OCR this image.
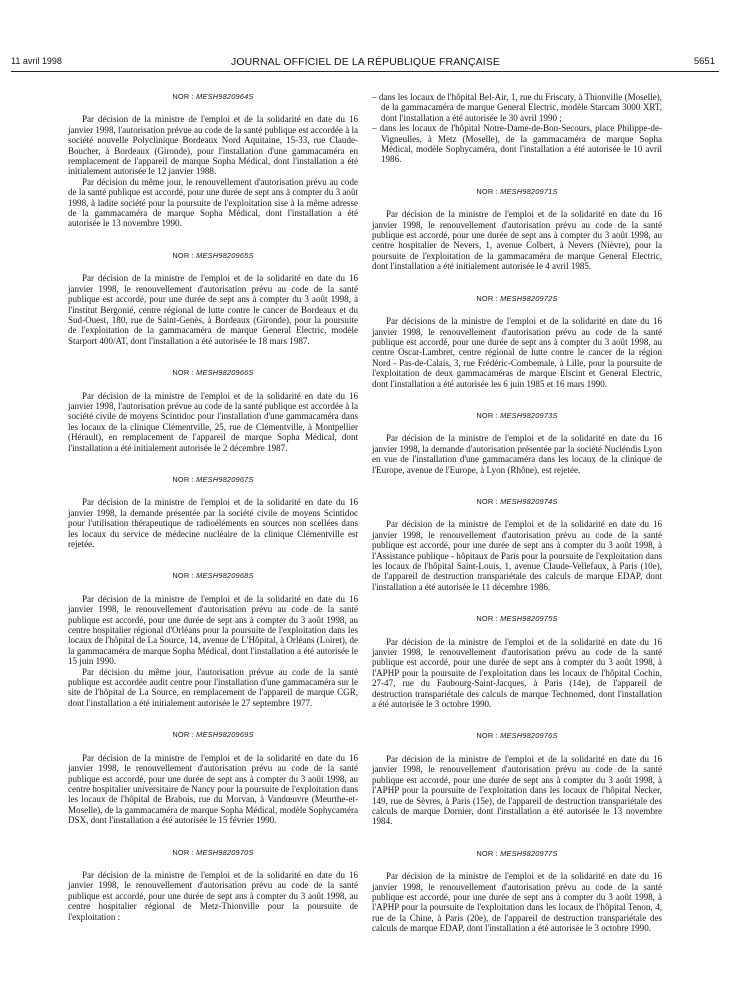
11 avril 1998	JOURNAL OFFICIEL DE LA RÉPUBLIQUE FRANÇAISE	5651
NOR : MESH9820964S

Par décision de la ministre de l'emploi et de la solidarité en date du 16 janvier 1998, l'autorisation prévue au code de la santé publique est accordée à la société nouvelle Polyclinique Bordeaux Nord Aquitaine, 15-33, rue Claude-Boucher, à Bordeaux (Gironde), pour l'installation d'une gammacaméra en remplacement de l'appareil de marque Sopha Médical, dont l'installation a été initialement autorisée le 12 janvier 1988.

Par décision du même jour, le renouvellement d'autorisation prévu au code de la santé publique est accordé, pour une durée de sept ans à compter du 3 août 1998, à ladite société pour la poursuite de l'exploitation sise à la même adresse de la gammacaméra de marque Sopha Médical, dont l'installation a été autorisée le 13 novembre 1990.

NOR : MESH9820965S

Par décision de la ministre de l'emploi et de la solidarité en date du 16 janvier 1998, le renouvellement d'autorisation prévu au code de la santé publique est accordé, pour une durée de sept ans à compter du 3 août 1998, à l'institut Bergonié, centre régional de lutte contre le cancer de Bordeaux et du Sud-Ouest, 180, rue de Saint-Genès, à Bordeaux (Gironde), pour la poursuite de l'exploitation de la gammacaméra de marque General Electric, modèle Starport 400/AT, dont l'installation a été autorisée le 18 mars 1987.

NOR : MESH9820966S

Par décision de la ministre de l'emploi et de la solidarité en date du 16 janvier 1998, l'autorisation prévue au code de la santé publique est accordée à la société civile de moyens Scintidoc pour l'installation d'une gammacaméra dans les locaux de la clinique Clémentville, 25, rue de Clémentville, à Montpellier (Hérault), en remplacement de l'appareil de marque Sopha Médical, dont l'installation a été initialement autorisée le 2 décembre 1987.

NOR : MESH9820967S

Par décision de la ministre de l'emploi et de la solidarité en date du 16 janvier 1998, la demande présentée par la société civile de moyens Scintidoc pour l'utilisation thérapeutique de radioéléments en sources non scellées dans les locaux du service de médecine nucléaire de la clinique Clémentville est rejetée.

NOR : MESH9820968S

Par décision de la ministre de l'emploi et de la solidarité en date du 16 janvier 1998, le renouvellement d'autorisation prévu au code de la santé publique est accordé, pour une durée de sept ans à compter du 3 août 1998, au centre hospitalier régional d'Orléans pour la poursuite de l'exploitation dans les locaux de l'hôpital de La Source, 14, avenue de L'Hôpital, à Orléans (Loiret), de la gammacaméra de marque Sopha Médical, dont l'installation a été autorisée le 15 juin 1990.

Par décision du même jour, l'autorisation prévue au code de la santé publique est accordée audit centre pour l'installation d'une gammacaméra sur le site de l'hôpital de La Source, en remplacement de l'appareil de marque CGR, dont l'installation a été initialement autorisée le 27 septembre 1977.

NOR : MESH9820969S

Par décision de la ministre de l'emploi et de la solidarité en date du 16 janvier 1998, le renouvellement d'autorisation prévu au code de la santé publique est accordé, pour une durée de sept ans à compter du 3 août 1998, au centre hospitalier universitaire de Nancy pour la poursuite de l'exploitation dans les locaux de l'hôpital de Brabois, rue du Morvan, à Vandœuvre (Meurthe-et-Moselle), de la gammacaméra de marque Sopha Médical, modèle Sophycaméra DSX, dont l'installation a été autorisée le 15 février 1990.

NOR : MESH9820970S

Par décision de la ministre de l'emploi et de la solidarité en date du 16 janvier 1998, le renouvellement d'autorisation prévu au code de la santé publique est accordé, pour une durée de sept ans à compter du 3 août 1998, au centre hospitalier régional de Metz-Thionville pour la poursuite de l'exploitation :

– dans les locaux de l'hôpital Bel-Air, 1, rue du Friscaty, à Thionville (Moselle), de la gammacaméra de marque General Electric, modèle Starcam 3000 XRT, dont l'installation a été autorisée le 30 avril 1990 ;

– dans les locaux de l'hôpital Notre-Dame-de-Bon-Secours, place Philippe-de-Vigneulles, à Metz (Moselle), de la gammacaméra de marque Sopha Médical, modèle Sophycaméra, dont l'installation a été autorisée le 10 avril 1986.

NOR : MESH9820971S

Par décision de la ministre de l'emploi et de la solidarité en date du 16 janvier 1998, le renouvellement d'autorisation prévu au code de la santé publique est accordé, pour une durée de sept ans à compter du 3 août 1998, au centre hospitalier de Nevers, 1, avenue Colbert, à Nevers (Nièvre), pour la poursuite de l'exploitation de la gammacaméra de marque General Electric, dont l'installation a été initialement autorisée le 4 avril 1985.

NOR : MESH9820972S

Par décisions de la ministre de l'emploi et de la solidarité en date du 16 janvier 1998, le renouvellement d'autorisation prévu au code de la santé publique est accordé, pour une durée de sept ans à compter du 3 août 1998, au centre Oscar-Lambret, centre régional de lutte contre le cancer de la région Nord - Pas-de-Calais, 3, rue Frédéric-Combemale, à Lille, pour la poursuite de l'exploitation de deux gammacaméras de marque Elscint et General Electric, dont l'installation a été autorisée les 6 juin 1985 et 16 mars 1990.

NOR : MESH9820973S

Par décision de la ministre de l'emploi et de la solidarité en date du 16 janvier 1998, la demande d'autorisation présentée par la société Nucléndis Lyon en vue de l'installation d'une gammacaméra dans les locaux de la clinique de l'Europe, avenue de l'Europe, à Lyon (Rhône), est rejetée.

NOR : MESH9820974S

Par décision de la ministre de l'emploi et de la solidarité en date du 16 janvier 1998, le renouvellement d'autorisation prévu au code de la santé publique est accordé, pour une durée de sept ans à compter du 3 août 1998, à l'Assistance publique - hôpitaux de Paris pour la poursuite de l'exploitation dans les locaux de l'hôpital Saint-Louis, 1, avenue Claude-Vellefaux, à Paris (10e), de l'appareil de destruction transpariétale des calculs de marque EDAP, dont l'installation a été autorisée le 11 décembre 1986.

NOR : MESH9820975S

Par décision de la ministre de l'emploi et de la solidarité en date du 16 janvier 1998, le renouvellement d'autorisation prévu au code de la santé publique est accordé, pour une durée de sept ans à compter du 3 août 1998, à l'APHP pour la poursuite de l'exploitation dans les locaux de l'hôpital Cochin, 27-47, rue du Faubourg-Saint-Jacques, à Paris (14e), de l'appareil de destruction transpariétale des calculs de marque Technomed, dont l'installation a été autorisée le 3 octobre 1990.

NOR : MESH9820976S

Par décision de la ministre de l'emploi et de la solidarité en date du 16 janvier 1998, le renouvellement d'autorisation prévu au code de la santé publique est accordé, pour une durée de sept ans à compter du 3 août 1998, à l'APHP pour la poursuite de l'exploitation dans les locaux de l'hôpital Necker, 149, rue de Sèvres, à Paris (15e), de l'appareil de destruction transpariétale des calculs de marque Dornier, dont l'installation a été autorisée le 13 novembre 1984.

NOR : MESH9820977S

Par décision de la ministre de l'emploi et de la solidarité en date du 16 janvier 1998, le renouvellement d'autorisation prévu au code de la santé publique est accordé, pour une durée de sept ans à compter du 3 août 1998, à l'APHP pour la poursuite de l'exploitation dans les locaux de l'hôpital Tenon, 4, rue de la Chine, à Paris (20e), de l'appareil de destruction transpariétale des calculs de marque EDAP, dont l'installation a été autorisée le 3 octobre 1990.
